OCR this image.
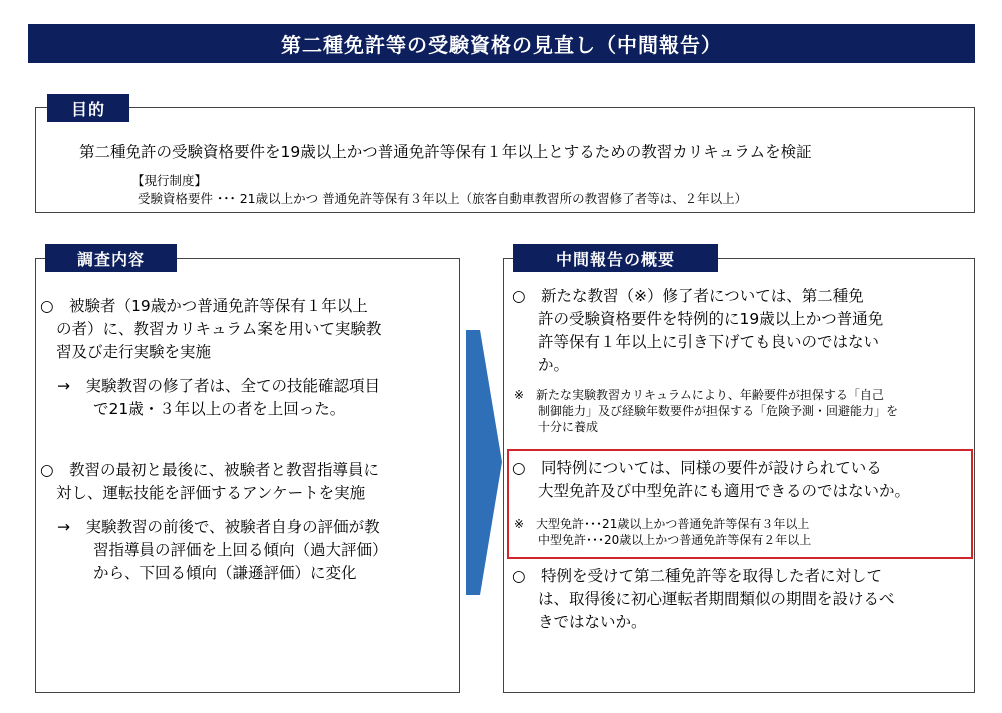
第二種免許等の受験資格の見直し（中間報告）
第二種免許の受験資格要件を19歳以上かつ普通免許等保有１年以上とするための教習カリキュラムを検証
【現行制度】
受験資格要件 ･･･ 21歳以上かつ 普通免許等保有３年以上（旅客自動車教習所の教習修了者等は、２年以上）
目的
○　被験者（19歳かつ普通免許等保有１年以上
の者）に、教習カリキュラム案を用いて実験教
習及び走行実験を実施
→　実験教習の修了者は、全ての技能確認項目
で21歳・３年以上の者を上回った。
○　教習の最初と最後に、被験者と教習指導員に
対し、運転技能を評価するアンケートを実施
→　実験教習の前後で、被験者自身の評価が教
習指導員の評価を上回る傾向（過大評価）
から、下回る傾向（謙遜評価）に変化
調査内容
○　新たな教習（※）修了者については、第二種免
許の受験資格要件を特例的に19歳以上かつ普通免
許等保有１年以上に引き下げても良いのではない
か。
※　新たな実験教習カリキュラムにより、年齢要件が担保する「自己
制御能力」及び経験年数要件が担保する「危険予測・回避能力」を
十分に養成
○　同特例については、同様の要件が設けられている
大型免許及び中型免許にも適用できるのではないか。
※　大型免許･･･21歳以上かつ普通免許等保有３年以上
中型免許･･･20歳以上かつ普通免許等保有２年以上
○　特例を受けて第二種免許等を取得した者に対して
は、取得後に初心運転者期間類似の期間を設けるべ
きではないか。
中間報告の概要
